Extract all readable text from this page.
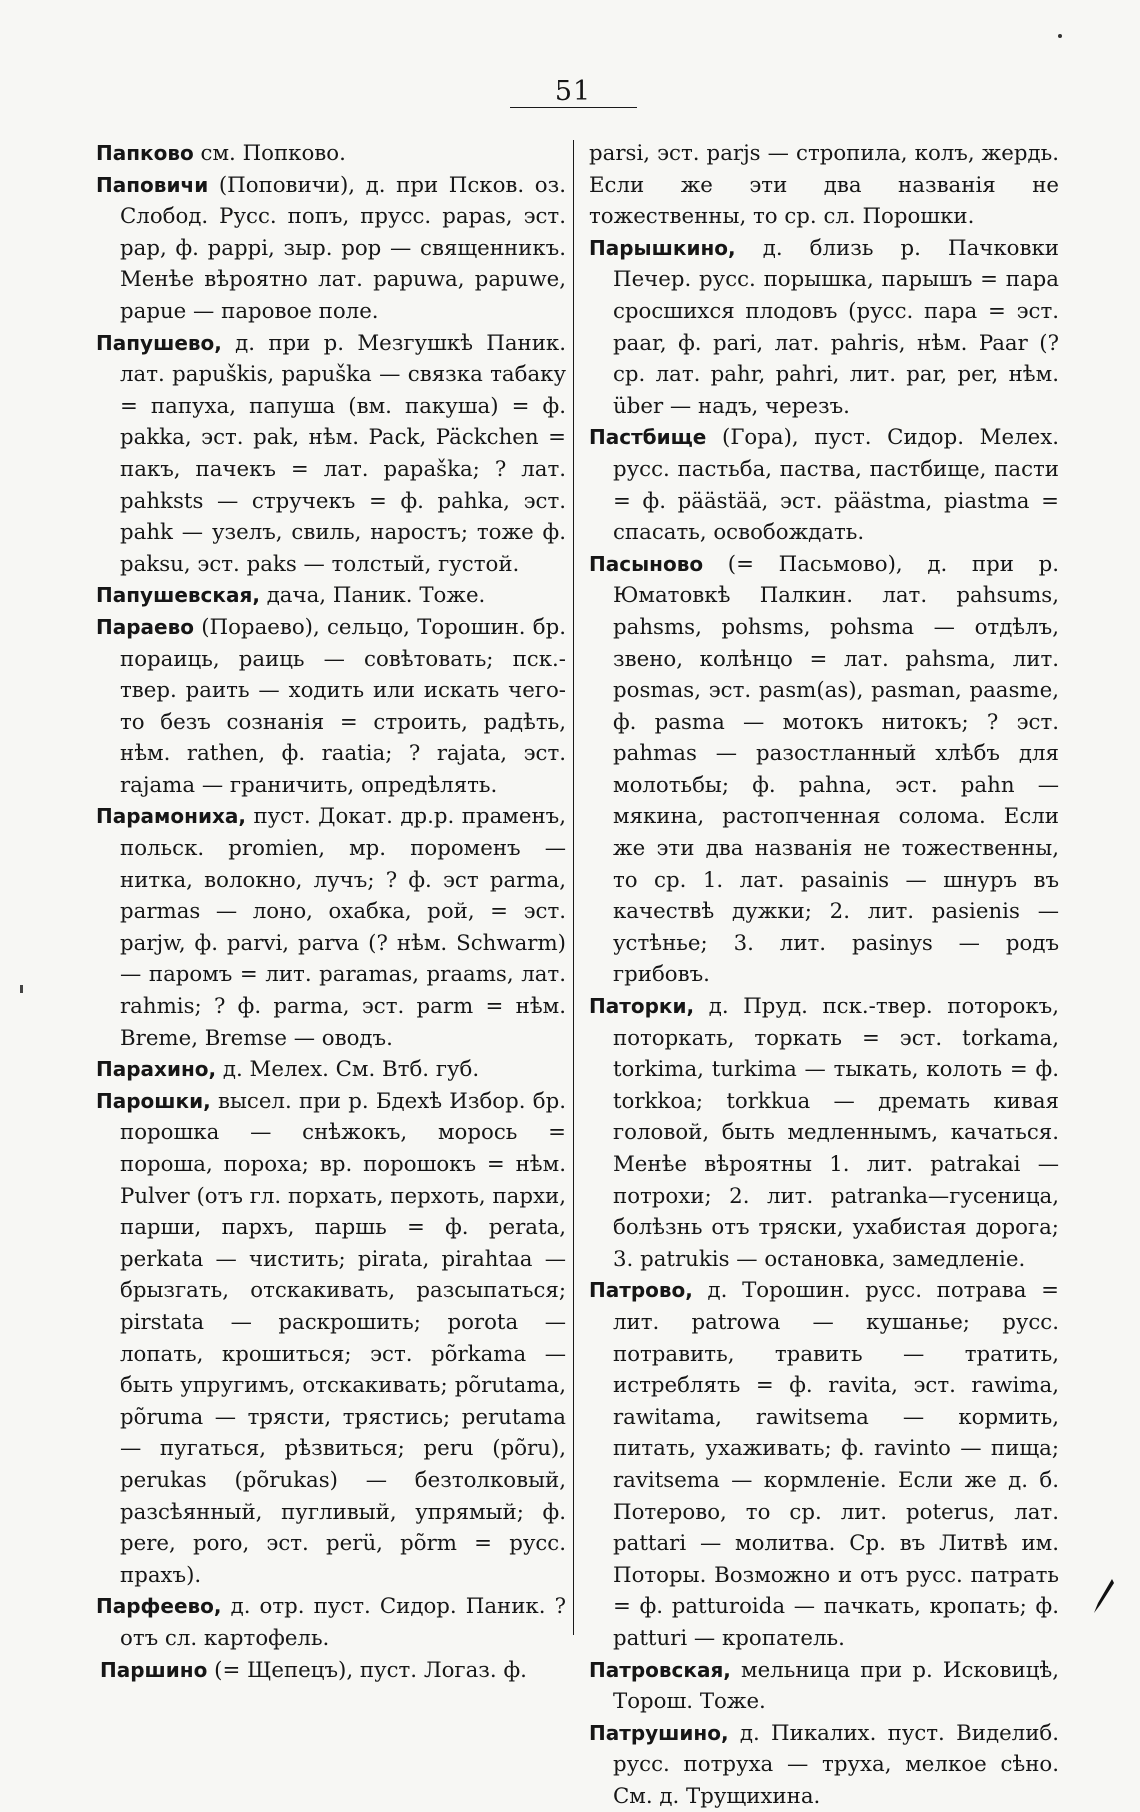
51

Папково см. Попково.

Паповичи (Поповичи), д. при Псков. оз. Слобод. Русс. попъ, прусс. papas, эст. pap, ф. pappi, зыр. pop — священникъ. Менѣе вѣроятно лат. papuwa, papuwe, papue — паровое поле.

Папушево, д. при р. Мезгушкѣ Паник. лат. papuškis, papuška — связка табаку = папуха, папуша (вм. пакуша) = ф. pakka, эст. pak, нѣм. Pack, Päckchen = пакъ, пачекъ = лат. papaška; ? лат. pahksts — стручекъ = ф. pahka, эст. pahk — узелъ, свиль, наростъ; тоже ф. paksu, эст. paks — толстый, густой.

Папушевская, дача, Паник. Тоже.

Параево (Пораево), сельцо, Торошин. бр. пораиць, раиць — совѣтовать; пск.-твер. раить — ходить или искать чего-то безъ сознанія = строить, радѣть, нѣм. rathen, ф. raatia; ? rajata, эст. rajama — граничить, опредѣлять.

Парамониха, пуст. Докат. др.р. праменъ, польск. promien, мр. пороменъ — нитка, волокно, лучъ; ? ф. эст parma, parmas — лоно, охабка, рой, = эст. parjw, ф. parvi, parva (? нѣм. Schwarm) — паромъ = лит. paramas, praams, лат. rahmis; ? ф. parma, эст. parm = нѣм. Breme, Bremse — оводъ.

Парахино, д. Мелех. См. Втб. губ.

Парошки, высел. при р. Бдехѣ Избор. бр. порошка — снѣжокъ, морось = пороша, пороха; вр. порошокъ = нѣм. Pulver (отъ гл. порхать, перхоть, пархи, парши, пархъ, паршь = ф. perata, perkata — чистить; pirata, pirahtaa — брызгать, отскакивать, разсыпаться; pirstata — раскрошить; porota — лопать, крошиться; эст. põrkama — быть упругимъ, отскакивать; põrutama, põruma — трясти, трястись; perutama — пугаться, рѣзвиться; peru (põru), perukas (põrukas) — безтолковый, разсѣянный, пугливый, упрямый; ф. pere, poro, эст. perü, põrm = русс. прахъ).

Парфеево, д. отр. пуст. Сидор. Паник. ? отъ сл. картофель.

Паршино (= Щепецъ), пуст. Логаз. ф.

parsi, эст. parjs — стропила, колъ, жердь. Если же эти два названія не тожественны, то ср. сл. Порошки.

Парышкино, д. близь р. Пачковки Печер. русс. порышка, парышъ = пара сросшихся плодовъ (русс. пара = эст. paar, ф. pari, лат. pahris, нѣм. Paar (? ср. лат. pahr, pahri, лит. par, per, нѣм. über — надъ, черезъ.

Пастбище (Гора), пуст. Сидор. Мелех. русс. пастьба, паства, пастбище, пасти = ф. päästää, эст. päästma, piastma = спасать, освобождать.

Пасыново (= Пасьмово), д. при р. Юматовкѣ Палкин. лат. pahsums, pahsms, pohsms, pohsma — отдѣлъ, звено, колѣнцо = лат. pahsma, лит. posmas, эст. pasm(as), pasman, paasme, ф. pasma — мотокъ нитокъ; ? эст. pahmas — разостланный хлѣбъ для молотьбы; ф. pahna, эст. pahn — мякина, растопченная солома. Если же эти два названія не тожественны, то ср. 1. лат. pasainis — шнуръ въ качествѣ дужки; 2. лит. pasienis — устѣнье; 3. лит. pasinys — родъ грибовъ.

Паторки, д. Пруд. пск.-твер. поторокъ, поторкать, торкать = эст. torkama, torkima, turkima — тыкать, колоть = ф. torkkoa; torkkua — дремать кивая головой, быть медленнымъ, качаться. Менѣе вѣроятны 1. лит. patrakai — потрохи; 2. лит. patranka—гусеница, болѣзнь отъ тряски, ухабистая дорога; 3. patrukis — остановка, замедленіе.

Патрово, д. Торошин. русс. потрава = лит. patrowa — кушанье; русс. потравить, травить — тратить, истреблять = ф. ravita, эст. rawima, rawitama, rawitsema — кормить, питать, ухаживать; ф. ravinto — пища; ravitsema — кормленіе. Если же д. б. Потерово, то ср. лит. poterus, лат. pattari — молитва. Ср. въ Литвѣ им. Поторы. Возможно и отъ русс. патрать = ф. patturoida — пачкать, кропать; ф. patturi — кропатель.

Патровская, мельница при р. Исковицѣ, Торош. Тоже.

Патрушино, д. Пикалих. пуст. Виделиб. русс. потруха — труха, мелкое сѣно. См. д. Трущихина.
